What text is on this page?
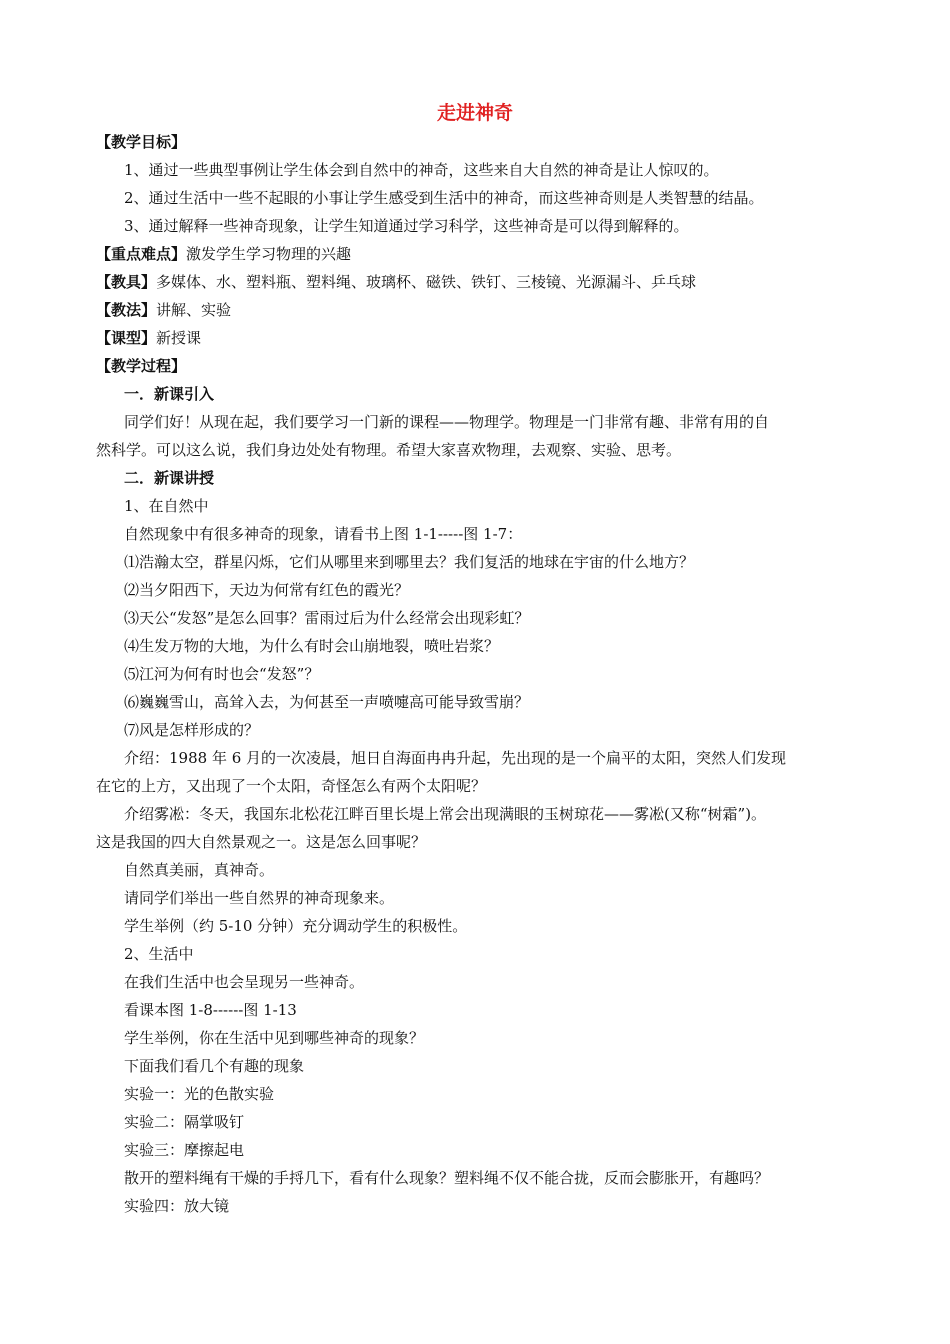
走进神奇
【教学目标】
1、通过一些典型事例让学生体会到自然中的神奇，这些来自大自然的神奇是让人惊叹的。
2、通过生活中一些不起眼的小事让学生感受到生活中的神奇，而这些神奇则是人类智慧的结晶。
3、通过解释一些神奇现象，让学生知道通过学习科学，这些神奇是可以得到解释的。
【重点难点】激发学生学习物理的兴趣
【教具】多媒体、水、塑料瓶、塑料绳、玻璃杯、磁铁、铁钉、三棱镜、光源漏斗、乒乓球
【教法】讲解、实验
【课型】新授课
【教学过程】
一．新课引入
同学们好！从现在起，我们要学习一门新的课程——物理学。物理是一门非常有趣、非常有用的自
然科学。可以这么说，我们身边处处有物理。希望大家喜欢物理，去观察、实验、思考。
二．新课讲授
1、在自然中
自然现象中有很多神奇的现象，请看书上图 1-1-----图 1-7：
⑴浩瀚太空，群星闪烁，它们从哪里来到哪里去？我们复活的地球在宇宙的什么地方？
⑵当夕阳西下，天边为何常有红色的霞光？
⑶天公“发怒”是怎么回事？雷雨过后为什么经常会出现彩虹？
⑷生发万物的大地，为什么有时会山崩地裂，喷吐岩浆？
⑸江河为何有时也会“发怒”？
⑹巍巍雪山，高耸入去，为何甚至一声喷嚏高可能导致雪崩？
⑺风是怎样形成的？
介绍：1988 年 6 月的一次凌晨，旭日自海面冉冉升起，先出现的是一个扁平的太阳，突然人们发现
在它的上方，又出现了一个太阳，奇怪怎么有两个太阳呢？
介绍雾凇：冬天，我国东北松花江畔百里长堤上常会出现满眼的玉树琼花——雾凇(又称“树霜”)。
这是我国的四大自然景观之一。这是怎么回事呢？
自然真美丽，真神奇。
请同学们举出一些自然界的神奇现象来。
学生举例（约 5-10 分钟）充分调动学生的积极性。
2、生活中
在我们生活中也会呈现另一些神奇。
看课本图 1-8------图 1-13
学生举例，你在生活中见到哪些神奇的现象？
下面我们看几个有趣的现象
实验一：光的色散实验
实验二：隔掌吸钉
实验三：摩擦起电
散开的塑料绳有干燥的手捋几下，看有什么现象？塑料绳不仅不能合拢，反而会膨胀开，有趣吗？
实验四：放大镜
